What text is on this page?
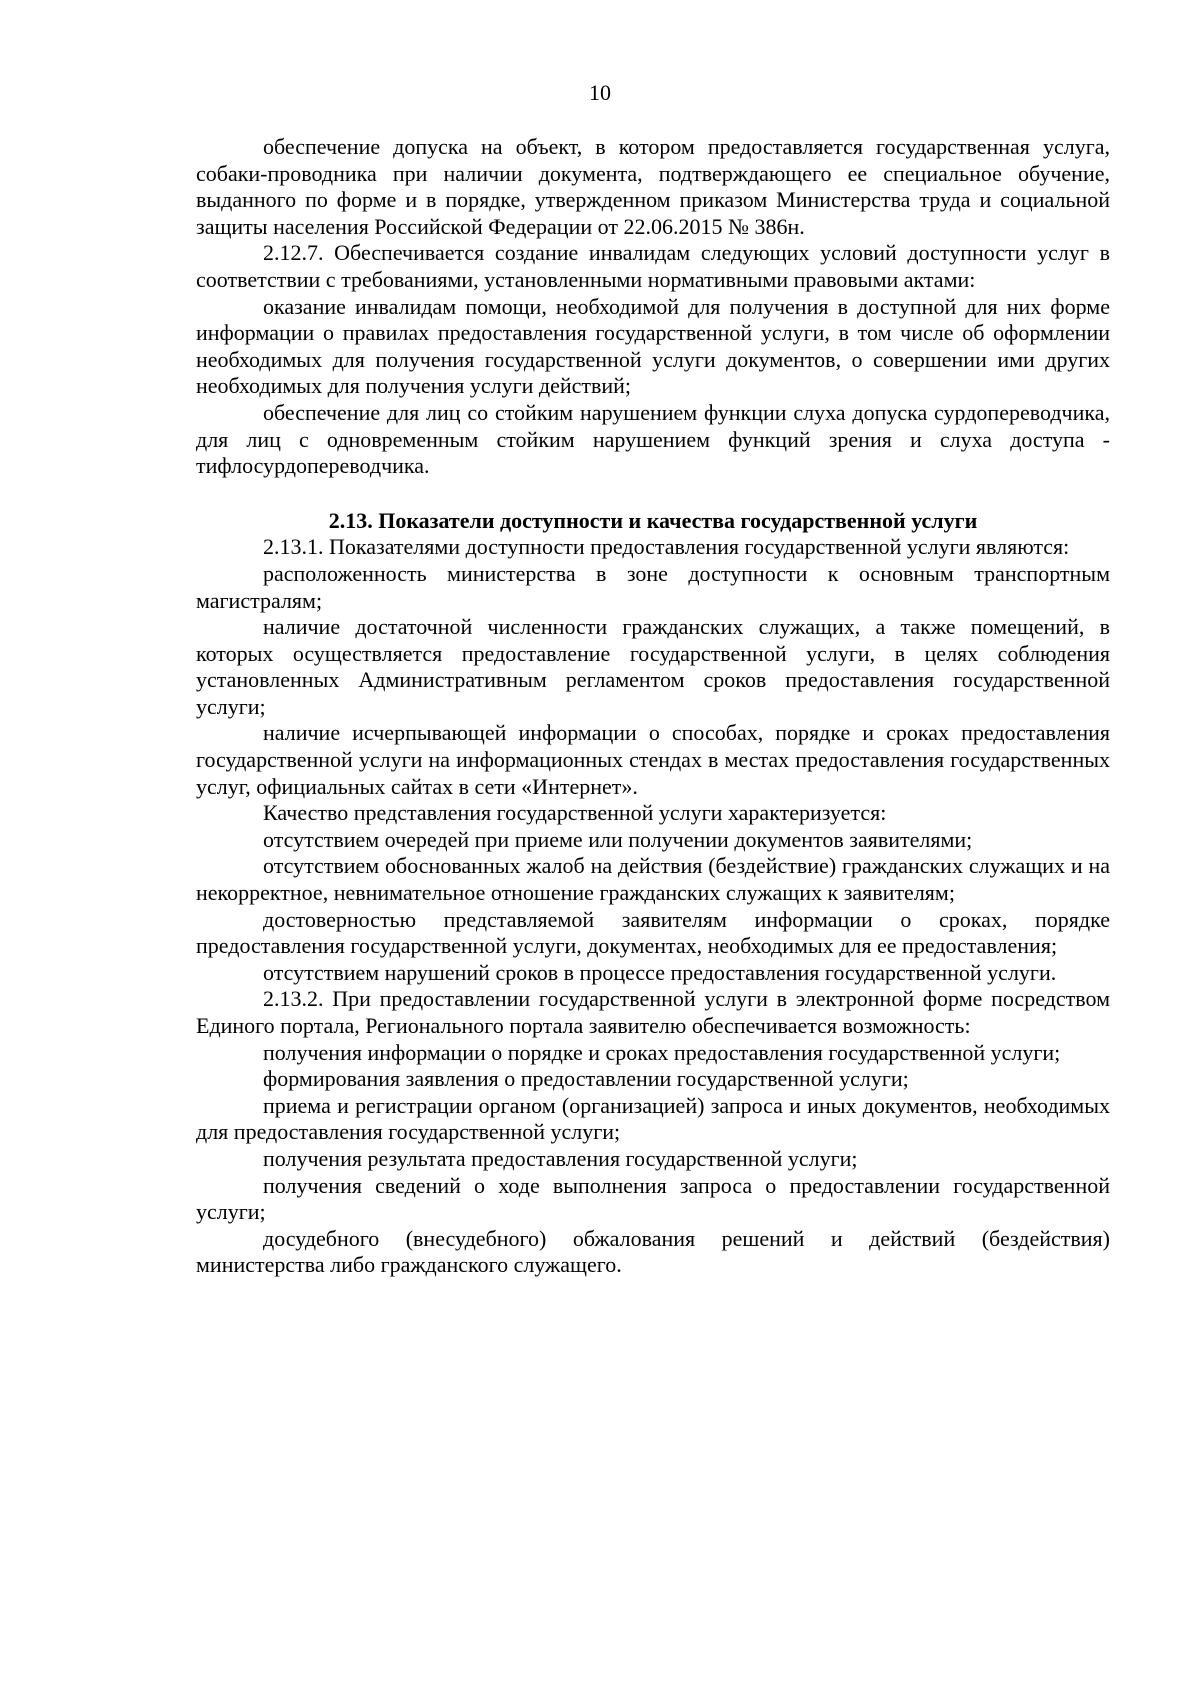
10

обеспечение допуска на объект, в котором предоставляется государственная услуга, собаки-проводника при наличии документа, подтверждающего ее специальное обучение, выданного по форме и в порядке, утвержденном приказом Министерства труда и социальной защиты населения Российской Федерации от 22.06.2015 № 386н.

2.12.7. Обеспечивается создание инвалидам следующих условий доступности услуг в соответствии с требованиями, установленными нормативными правовыми актами:

оказание инвалидам помощи, необходимой для получения в доступной для них форме информации о правилах предоставления государственной услуги, в том числе об оформлении необходимых для получения государственной услуги документов, о совершении ими других необходимых для получения услуги действий;

обеспечение для лиц со стойким нарушением функции слуха допуска сурдопереводчика, для лиц с одновременным стойким нарушением функций зрения и слуха доступа - тифлосурдопереводчика.

2.13. Показатели доступности и качества государственной услуги

2.13.1. Показателями доступности предоставления государственной услуги являются:

расположенность министерства в зоне доступности к основным транспортным магистралям;

наличие достаточной численности гражданских служащих, а также помещений, в которых осуществляется предоставление государственной услуги, в целях соблюдения установленных Административным регламентом сроков предоставления государственной услуги;

наличие исчерпывающей информации о способах, порядке и сроках предоставления государственной услуги на информационных стендах в местах предоставления государственных услуг, официальных сайтах в сети «Интернет».

Качество представления государственной услуги характеризуется:

отсутствием очередей при приеме или получении документов заявителями;

отсутствием обоснованных жалоб на действия (бездействие) гражданских служащих и на некорректное, невнимательное отношение гражданских служащих к заявителям;

достоверностью представляемой заявителям информации о сроках, порядке предоставления государственной услуги, документах, необходимых для ее предоставления;

отсутствием нарушений сроков в процессе предоставления государственной услуги.

2.13.2. При предоставлении государственной услуги в электронной форме посредством Единого портала, Регионального портала заявителю обеспечивается возможность:

получения информации о порядке и сроках предоставления государственной услуги;

формирования заявления о предоставлении государственной услуги;

приема и регистрации органом (организацией) запроса и иных документов, необходимых для предоставления государственной услуги;

получения результата предоставления государственной услуги;

получения сведений о ходе выполнения запроса о предоставлении государственной услуги;

досудебного (внесудебного) обжалования решений и действий (бездействия) министерства либо гражданского служащего.
